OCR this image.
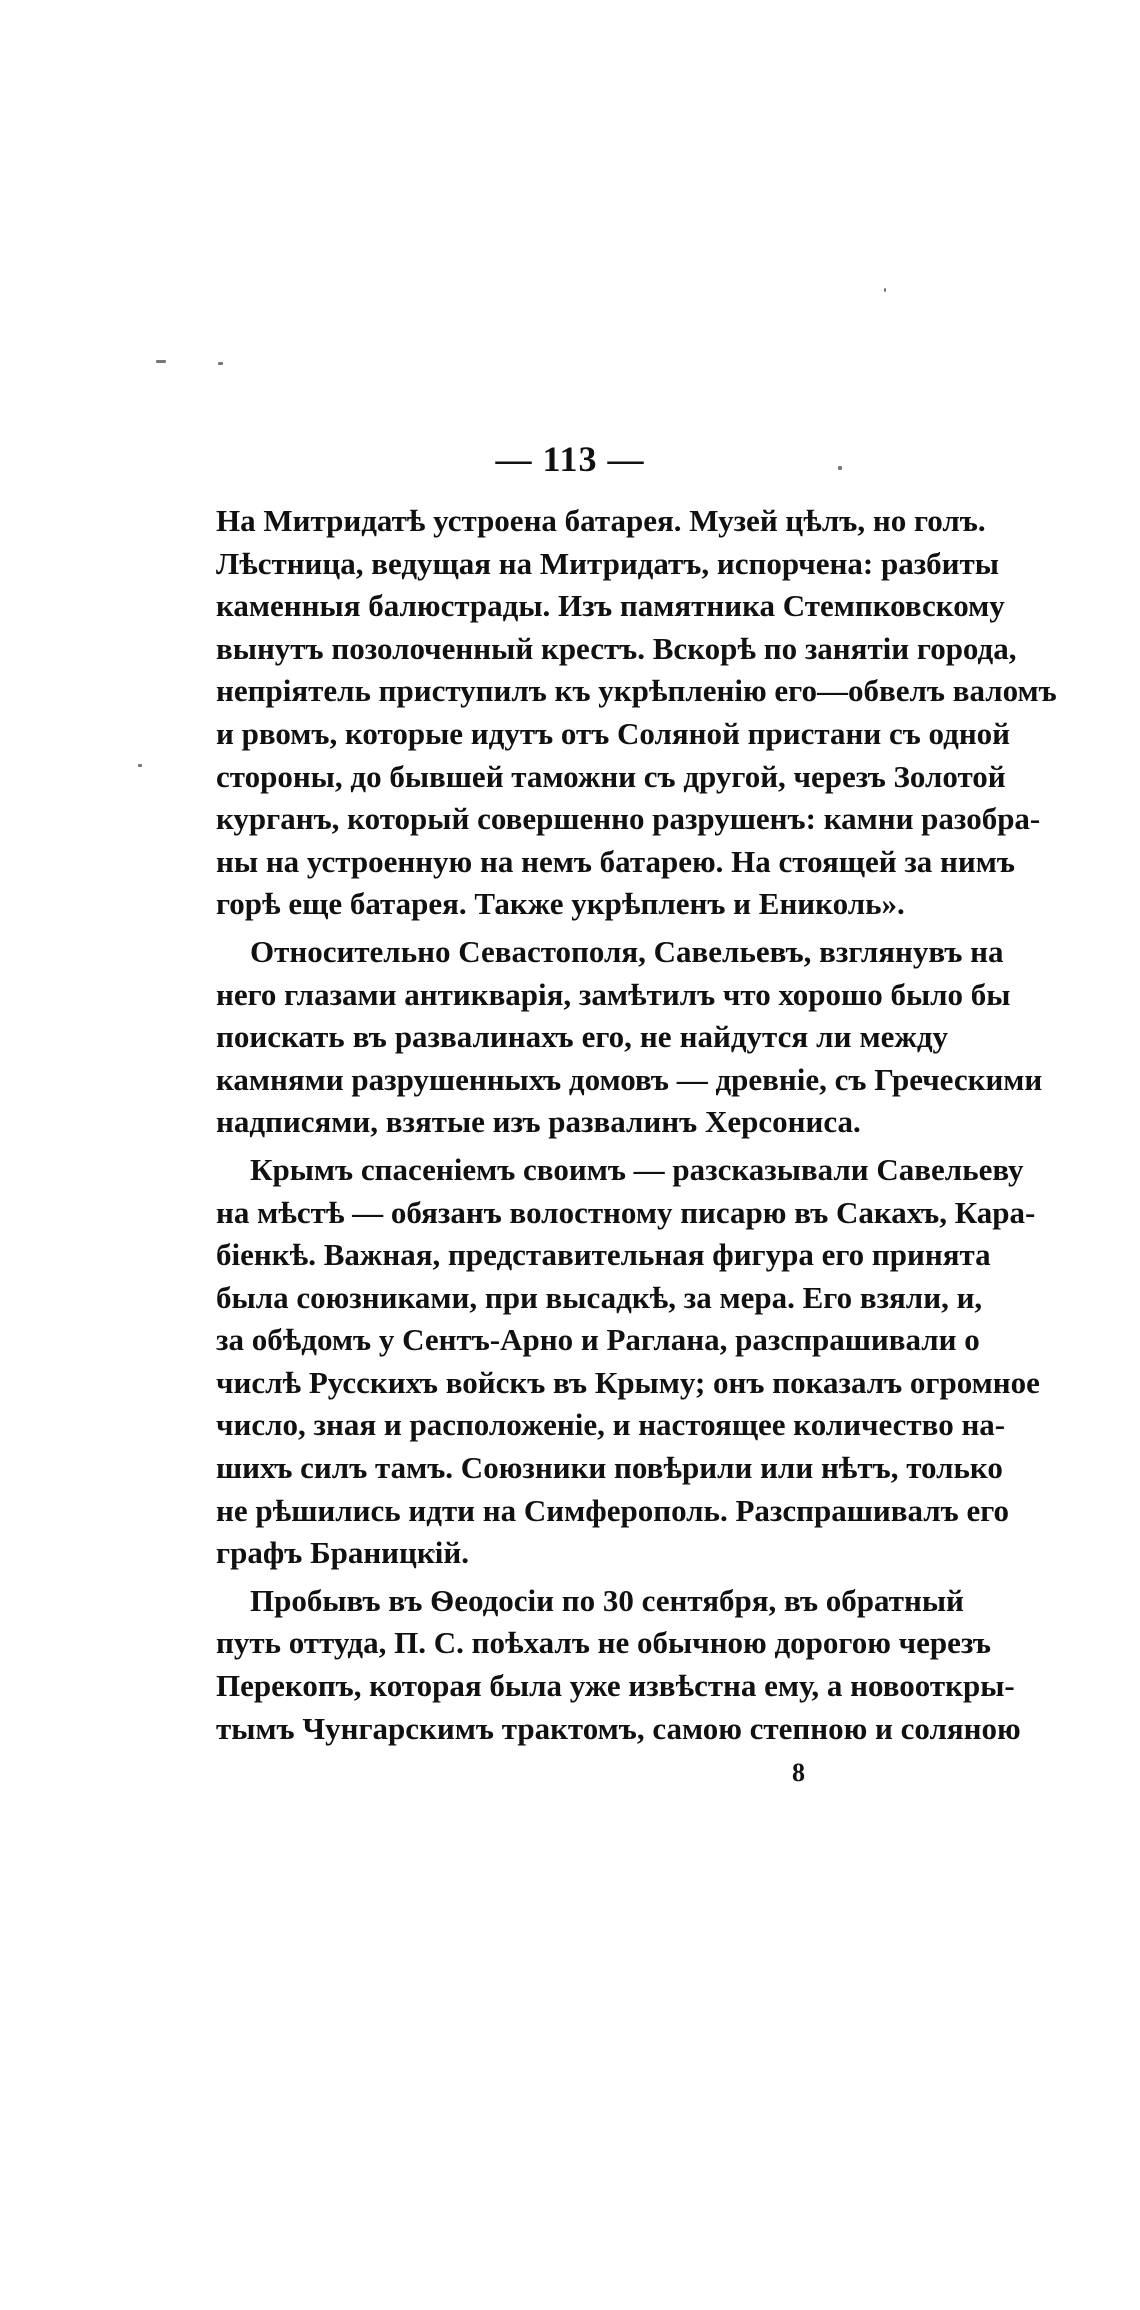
— 113 —
На Митридатѣ устроена батарея. Музей цѣлъ, но голъ.
Лѣстница, ведущая на Митридатъ, испорчена: разбиты
каменныя балюстрады. Изъ памятника Стемпковскому
вынутъ позолоченный крестъ. Вскорѣ по занятіи города,
непріятель приступилъ къ укрѣпленію его—обвелъ валомъ
и рвомъ, которые идутъ отъ Соляной пристани съ одной
стороны, до бывшей таможни съ другой, черезъ Золотой
курганъ, который совершенно разрушенъ: камни разобра-
ны на устроенную на немъ батарею. На стоящей за нимъ
горѣ еще батарея. Также укрѣпленъ и Ениколь».
Относительно Севастополя, Савельевъ, взглянувъ на
него глазами антикварія, замѣтилъ что хорошо было бы
поискать въ развалинахъ его, не найдутся ли между
камнями разрушенныхъ домовъ — древніе, съ Греческими
надписями, взятые изъ развалинъ Херсониса.
Крымъ спасеніемъ своимъ — разсказывали Савельеву
на мѣстѣ — обязанъ волостному писарю въ Сакахъ, Кара-
біенкѣ. Важная, представительная фигура его принята
была союзниками, при высадкѣ, за мера. Его взяли, и,
за обѣдомъ у Сентъ-Арно и Раглана, разспрашивали о
числѣ Русскихъ войскъ въ Крыму; онъ показалъ огромное
число, зная и расположеніе, и настоящее количество на-
шихъ силъ тамъ. Союзники повѣрили или нѣтъ, только
не рѣшились идти на Симферополь. Разспрашивалъ его
графъ Браницкій.
Пробывъ въ Ѳеодосіи по 30 сентября, въ обратный
путь оттуда, П. С. поѣхалъ не обычною дорогою черезъ
Перекопъ, которая была уже извѣстна ему, а новооткры-
тымъ Чунгарскимъ трактомъ, самою степною и соляною
8
